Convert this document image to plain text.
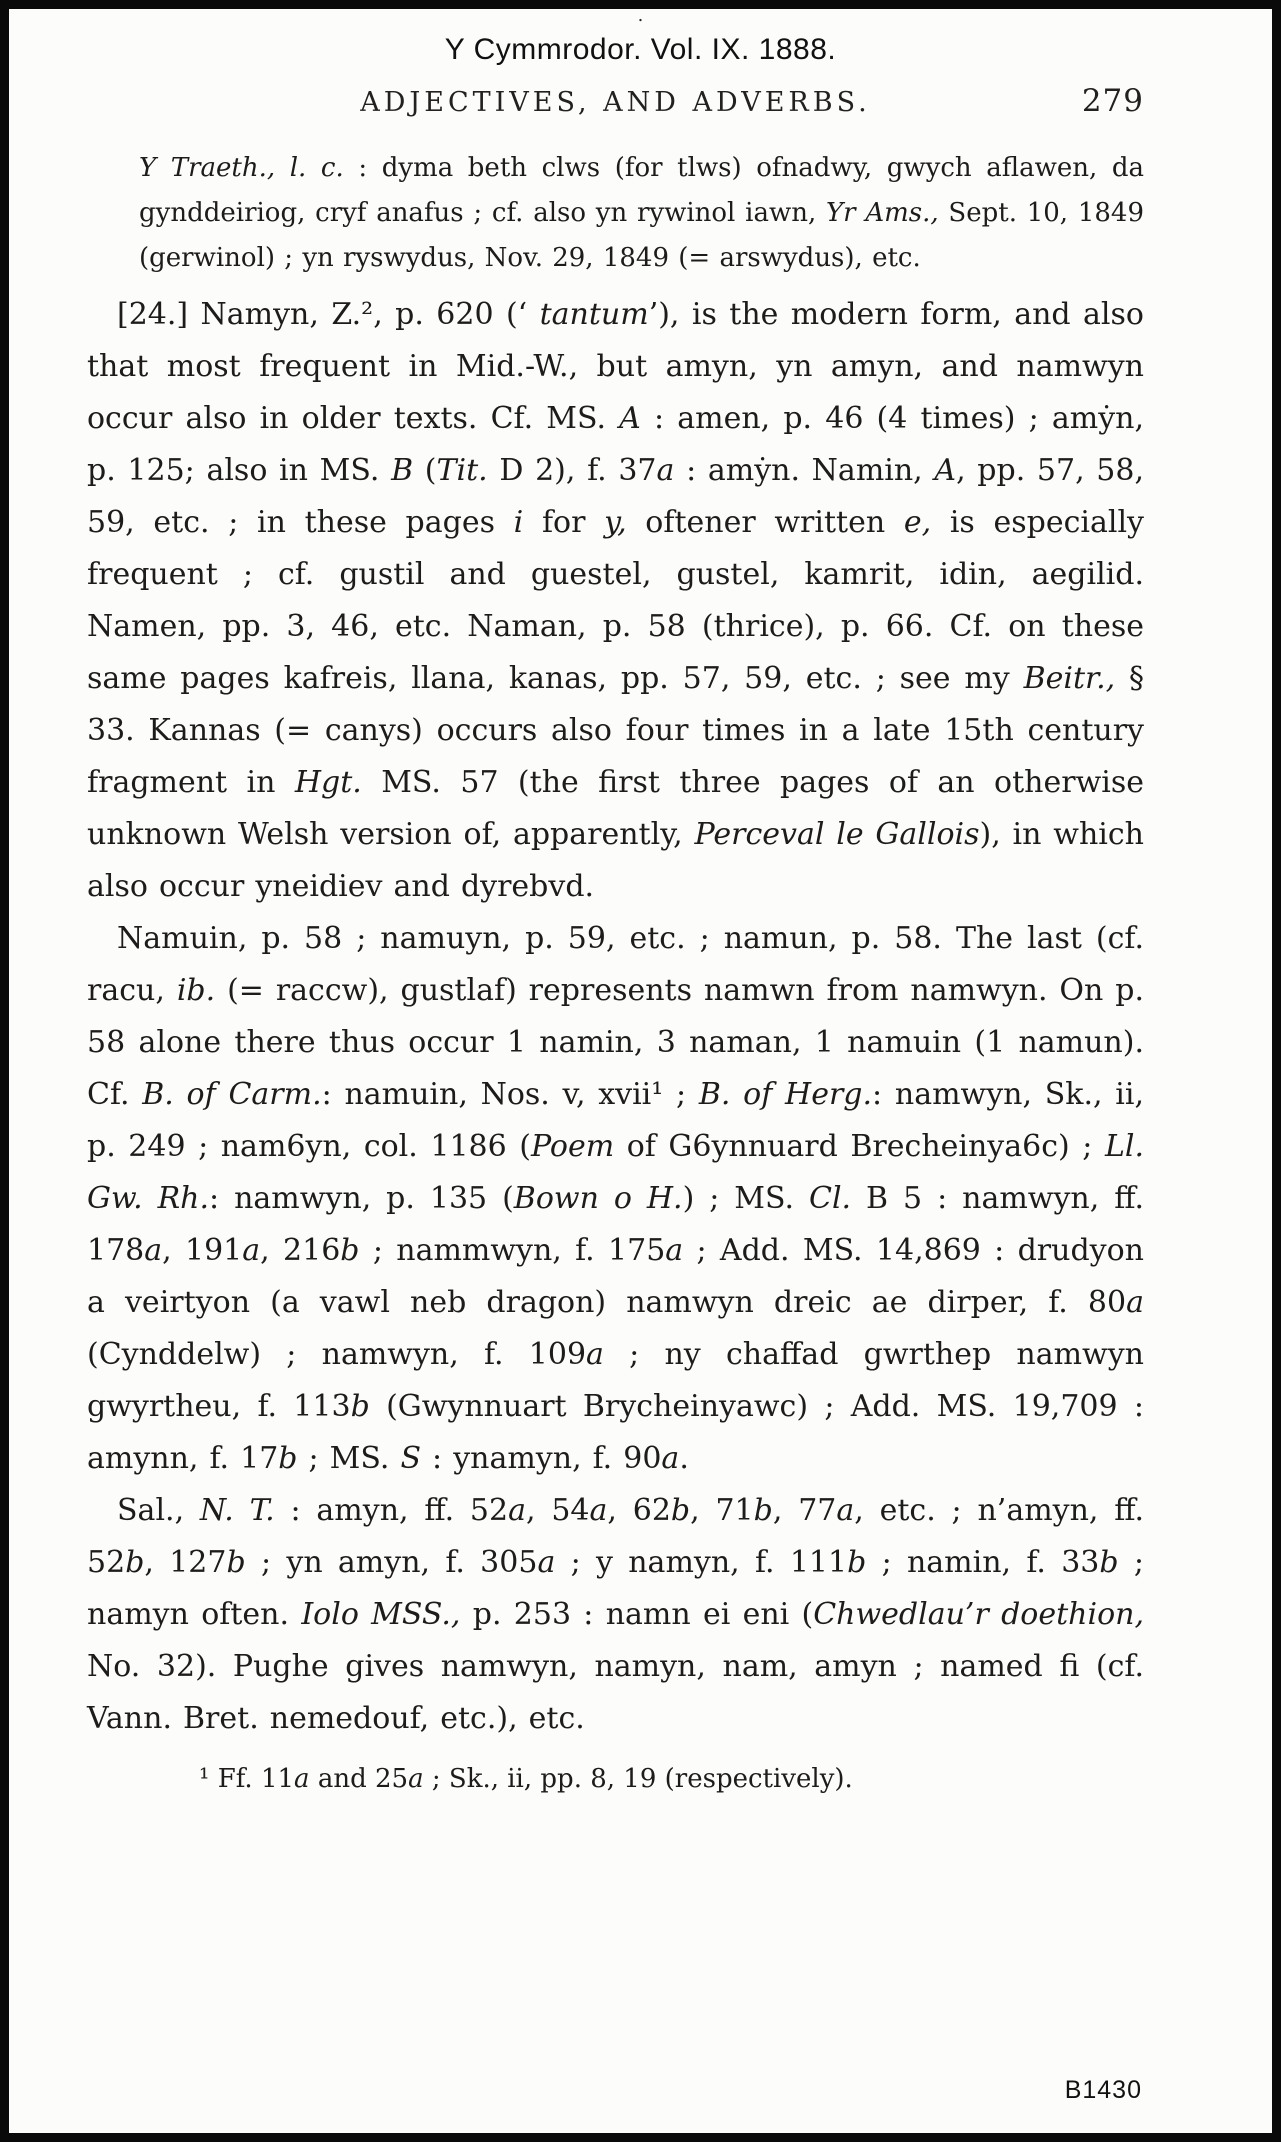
.
Y Cymmrodor. Vol. IX. 1888.
ADJECTIVES, AND ADVERBS.	279
Y Traeth., l. c. : dyma beth clws (for tlws) ofnadwy, gwych aflawen, da gynddeiriog, cryf anafus ; cf. also yn rywinol iawn, Yr Ams., Sept. 10, 1849 (gerwinol) ; yn ryswydus, Nov. 29, 1849 (= arswydus), etc.

[24.] Namyn, Z.², p. 620 (‘ tantum’), is the modern form, and also that most frequent in Mid.-W., but amyn, yn amyn, and namwyn occur also in older texts. Cf. MS. A : amen, p. 46 (4 times) ; amẏn, p. 125; also in MS. B (Tit. D 2), f. 37a : amẏn. Namin, A, pp. 57, 58, 59, etc. ; in these pages i for y, oftener written e, is especially frequent ; cf. gustil and guestel, gustel, kamrit, idin, aegilid. Namen, pp. 3, 46, etc. Naman, p. 58 (thrice), p. 66. Cf. on these same pages kafreis, llana, kanas, pp. 57, 59, etc. ; see my Beitr., § 33. Kannas (= canys) occurs also four times in a late 15th century fragment in Hgt. MS. 57 (the first three pages of an otherwise unknown Welsh version of, apparently, Perceval le Gallois), in which also occur yneidiev and dyrebvd.

Namuin, p. 58 ; namuyn, p. 59, etc. ; namun, p. 58. The last (cf. racu, ib. (= raccw), gustlaf) represents namwn from namwyn. On p. 58 alone there thus occur 1 namin, 3 naman, 1 namuin (1 namun). Cf. B. of Carm.: namuin, Nos. v, xvii¹ ; B. of Herg.: namwyn, Sk., ii, p. 249 ; nam6yn, col. 1186 (Poem of G6ynnuard Brecheinya6c) ; Ll. Gw. Rh.: namwyn, p. 135 (Bown o H.) ; MS. Cl. B 5 : namwyn, ff. 178a, 191a, 216b ; nammwyn, f. 175a ; Add. MS. 14,869 : drudyon a veirtyon (a vawl neb dragon) namwyn dreic ae dirper, f. 80a (Cynddelw) ; namwyn, f. 109a ; ny chaffad gwrthep namwyn gwyrtheu, f. 113b (Gwynnuart Brycheinyawc) ; Add. MS. 19,709 : amynn, f. 17b ; MS. S : ynamyn, f. 90a.

Sal., N. T. : amyn, ff. 52a, 54a, 62b, 71b, 77a, etc. ; n’amyn, ff. 52b, 127b ; yn amyn, f. 305a ; y namyn, f. 111b ; namin, f. 33b ; namyn often. Iolo MSS., p. 253 : namn ei eni (Chwedlau’r doethion, No. 32). Pughe gives namwyn, namyn, nam, amyn ; named fi (cf. Vann. Bret. nemedouf, etc.), etc.

¹ Ff. 11a and 25a ; Sk., ii, pp. 8, 19 (respectively).
B1430
